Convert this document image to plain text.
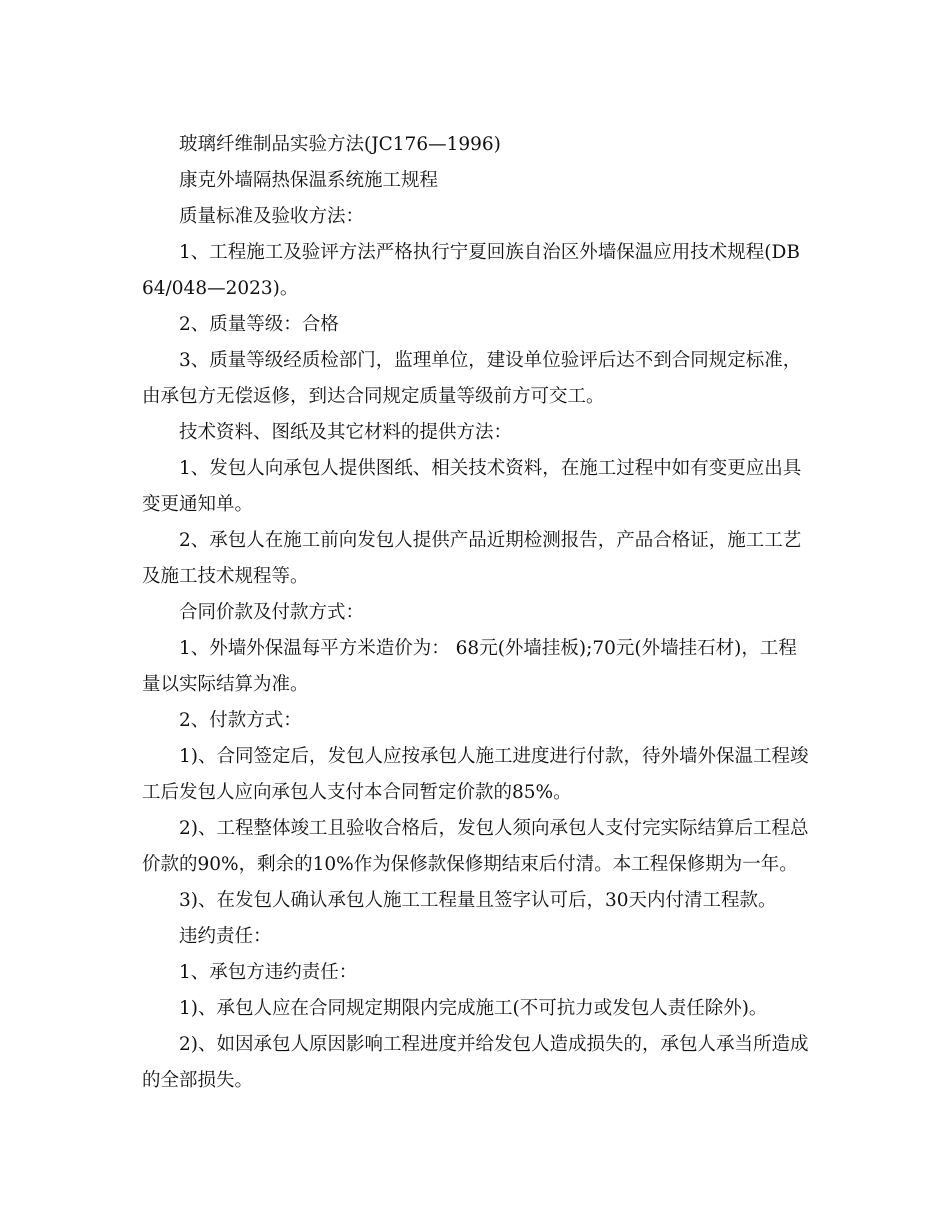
玻璃纤维制品实验方法(JC176—1996)

康克外墙隔热保温系统施工规程

质量标准及验收方法：

1、工程施工及验评方法严格执行宁夏回族自治区外墙保温应用技术规程(DB64/048—2023)。

2、质量等级：合格

3、质量等级经质检部门，监理单位，建设单位验评后达不到合同规定标准，由承包方无偿返修，到达合同规定质量等级前方可交工。

技术资料、图纸及其它材料的提供方法：

1、发包人向承包人提供图纸、相关技术资料，在施工过程中如有变更应出具变更通知单。

2、承包人在施工前向发包人提供产品近期检测报告，产品合格证，施工工艺及施工技术规程等。

合同价款及付款方式：

1、外墙外保温每平方米造价为： 68元(外墙挂板);70元(外墙挂石材)，工程量以实际结算为准。

2、付款方式：

1)、合同签定后，发包人应按承包人施工进度进行付款，待外墙外保温工程竣工后发包人应向承包人支付本合同暂定价款的85%。

2)、工程整体竣工且验收合格后，发包人须向承包人支付完实际结算后工程总价款的90%，剩余的10%作为保修款保修期结束后付清。本工程保修期为一年。

3)、在发包人确认承包人施工工程量且签字认可后，30天内付清工程款。

违约责任：

1、承包方违约责任：

1)、承包人应在合同规定期限内完成施工(不可抗力或发包人责任除外)。

2)、如因承包人原因影响工程进度并给发包人造成损失的，承包人承当所造成的全部损失。
